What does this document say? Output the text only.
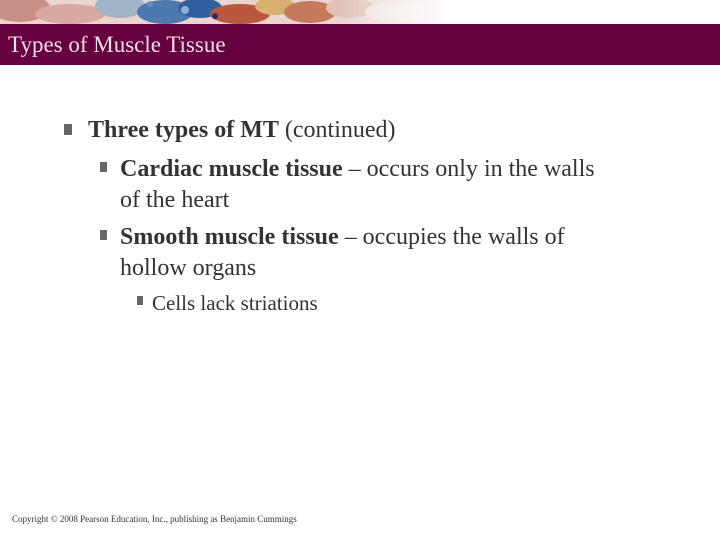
Types of Muscle Tissue
Three types of MT (continued)
Cardiac muscle tissue – occurs only in the walls
of the heart
Smooth muscle tissue – occupies the walls of
hollow organs
Cells lack striations
Copyright © 2008 Pearson Education, Inc., publishing as Benjamin Cummings
